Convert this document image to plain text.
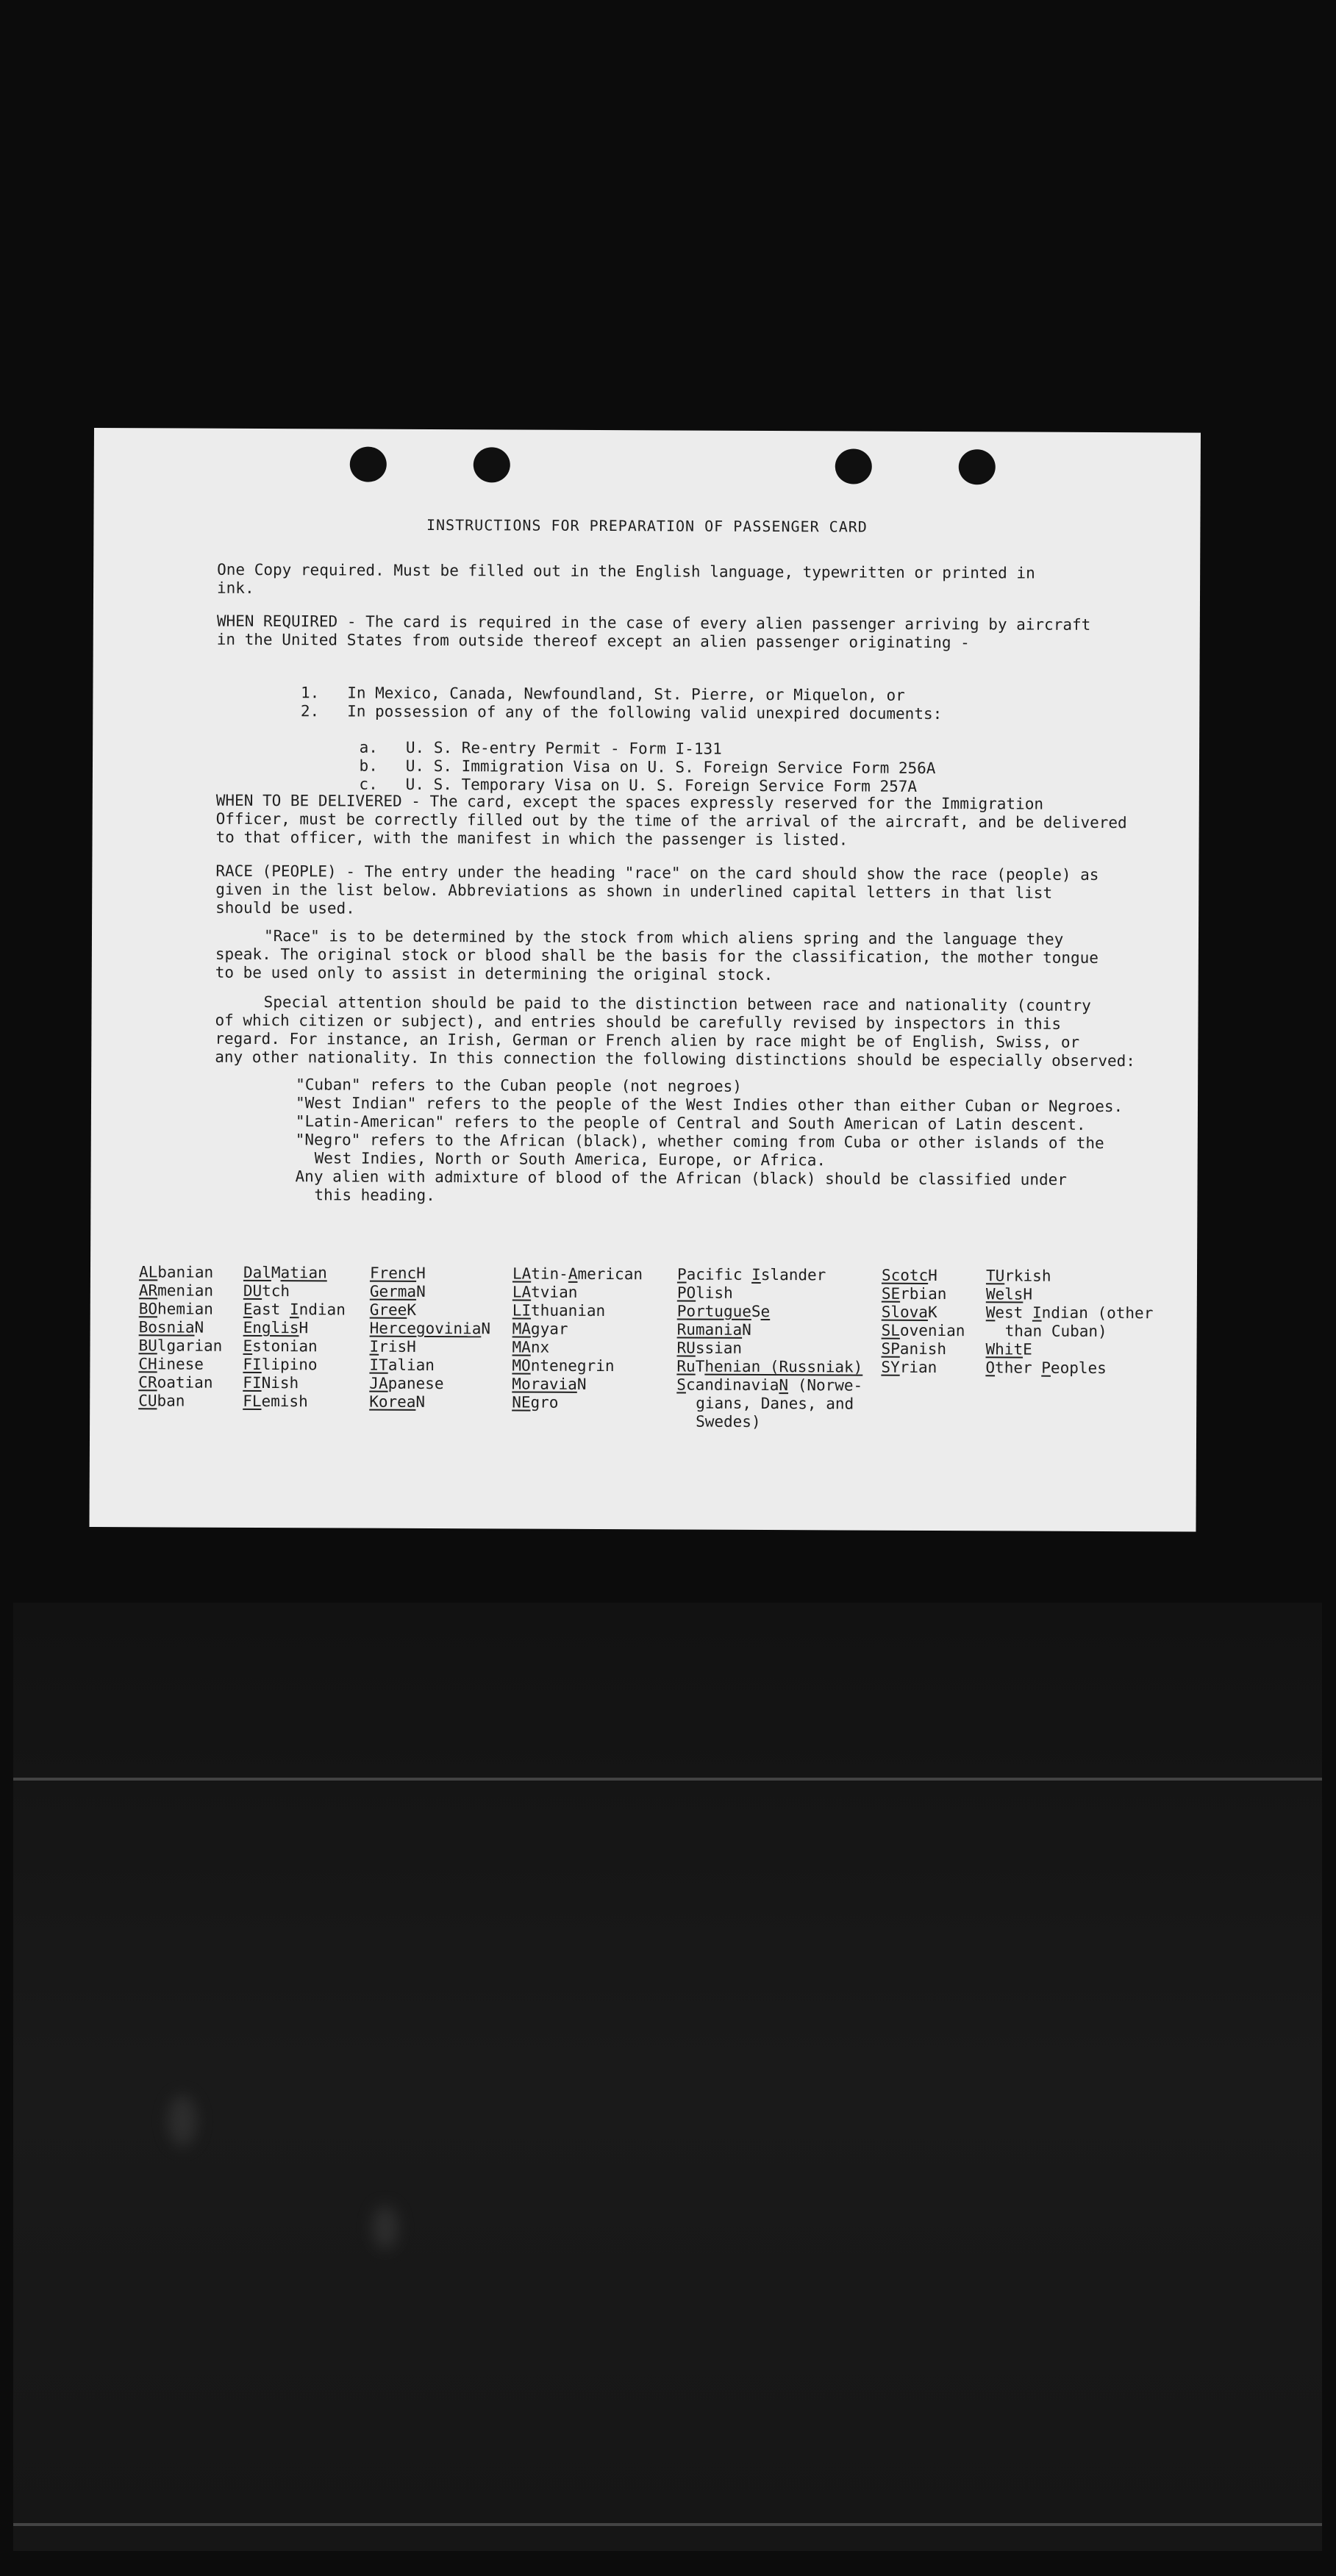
INSTRUCTIONS FOR PREPARATION OF PASSENGER CARD

One Copy required. Must be filled out in the English language, typewritten or printed in
ink.

WHEN REQUIRED - The card is required in the case of every alien passenger arriving by aircraft
in the United States from outside thereof except an alien passenger originating -

1. In Mexico, Canada, Newfoundland, St. Pierre, or Miquelon, or

2. In possession of any of the following valid unexpired documents:

a. U. S. Re-entry Permit - Form I-131

b. U. S. Immigration Visa on U. S. Foreign Service Form 256A

c. U. S. Temporary Visa on U. S. Foreign Service Form 257A

WHEN TO BE DELIVERED - The card, except the spaces expressly reserved for the Immigration
Officer, must be correctly filled out by the time of the arrival of the aircraft, and be delivered
to that officer, with the manifest in which the passenger is listed.

RACE (PEOPLE) - The entry under the heading "race" on the card should show the race (people) as
given in the list below. Abbreviations as shown in underlined capital letters in that list
should be used.

"Race" is to be determined by the stock from which aliens spring and the language they
speak. The original stock or blood shall be the basis for the classification, the mother tongue
to be used only to assist in determining the original stock.

Special attention should be paid to the distinction between race and nationality (country
of which citizen or subject), and entries should be carefully revised by inspectors in this
regard. For instance, an Irish, German or French alien by race might be of English, Swiss, or
any other nationality. In this connection the following distinctions should be especially observed:

"Cuban" refers to the Cuban people (not negroes)
"West Indian" refers to the people of the West Indies other than either Cuban or Negroes.
"Latin-American" refers to the people of Central and South American of Latin descent.
"Negro" refers to the African (black), whether coming from Cuba or other islands of the
West Indies, North or South America, Europe, or Africa.
Any alien with admixture of blood of the African (black) should be classified under
this heading.
ALbanian
ARmenian
BOhemian
BosniaN
BUlgarian
CHinese
CRoatian
CUban
DalMatian
DUtch
East Indian
EnglisH
Estonian
FIlipino
FINish
FLemish
FrencH
GermaN
GreeK
HercegoviniaN
IrisH
ITalian
JApanese
KoreaN
LAtin-American
LAtvian
LIthuanian
MAgyar
MAnx
MOntenegrin
MoraviaN
NEgro
Pacific Islander
POlish
PortugueSe
RumaniaN
RUssian
RuThenian (Russniak)
ScandinaviaN (Norwe-
gians, Danes, and
Swedes)
ScotcH
SErbian
SlovaK
SLovenian
SPanish
SYrian
TUrkish
WelsH
West Indian (other
than Cuban)
WhitE
Other Peoples
